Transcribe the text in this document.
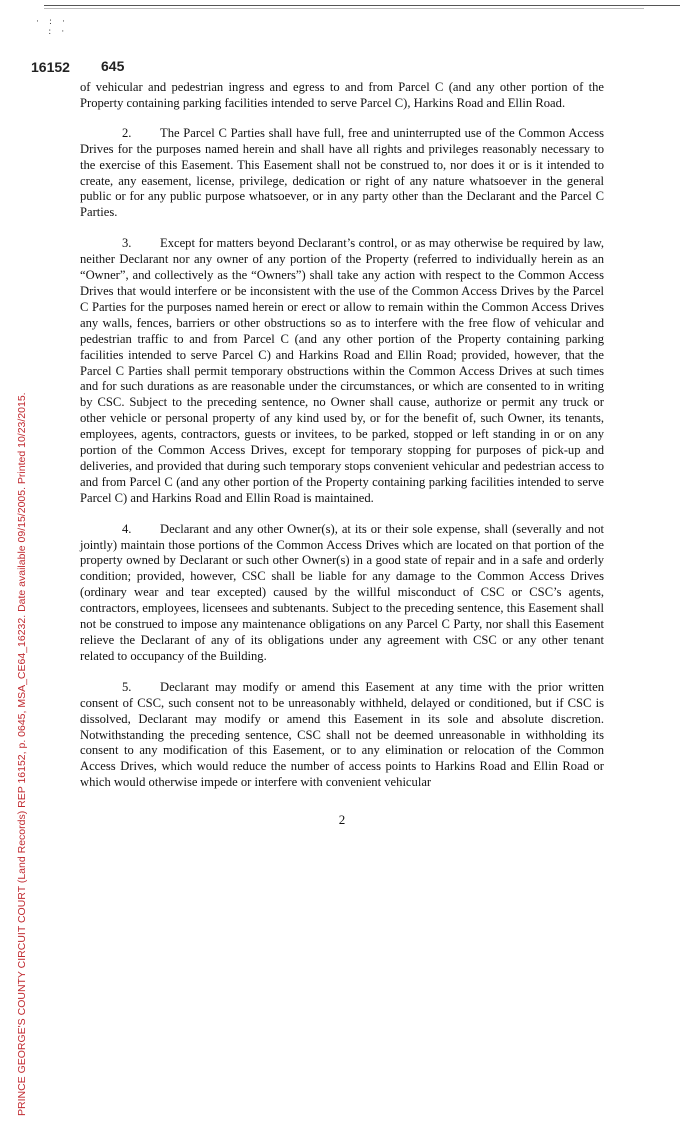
· : ·
: ·
16152 645

of vehicular and pedestrian ingress and egress to and from Parcel C (and any other portion of the Property containing parking facilities intended to serve Parcel C), Harkins Road and Ellin Road.

2. The Parcel C Parties shall have full, free and uninterrupted use of the Common Access Drives for the purposes named herein and shall have all rights and privileges reasonably necessary to the exercise of this Easement. This Easement shall not be construed to, nor does it or is it intended to create, any easement, license, privilege, dedication or right of any nature whatsoever in the general public or for any public purpose whatsoever, or in any party other than the Declarant and the Parcel C Parties.

3. Except for matters beyond Declarant’s control, or as may otherwise be required by law, neither Declarant nor any owner of any portion of the Property (referred to individually herein as an “Owner”, and collectively as the “Owners”) shall take any action with respect to the Common Access Drives that would interfere or be inconsistent with the use of the Common Access Drives by the Parcel C Parties for the purposes named herein or erect or allow to remain within the Common Access Drives any walls, fences, barriers or other obstructions so as to interfere with the free flow of vehicular and pedestrian traffic to and from Parcel C (and any other portion of the Property containing parking facilities intended to serve Parcel C) and Harkins Road and Ellin Road; provided, however, that the Parcel C Parties shall permit temporary obstructions within the Common Access Drives at such times and for such durations as are reasonable under the circumstances, or which are consented to in writing by CSC. Subject to the preceding sentence, no Owner shall cause, authorize or permit any truck or other vehicle or personal property of any kind used by, or for the benefit of, such Owner, its tenants, employees, agents, contractors, guests or invitees, to be parked, stopped or left standing in or on any portion of the Common Access Drives, except for temporary stopping for purposes of pick-up and deliveries, and provided that during such temporary stops convenient vehicular and pedestrian access to and from Parcel C (and any other portion of the Property containing parking facilities intended to serve Parcel C) and Harkins Road and Ellin Road is maintained.

4. Declarant and any other Owner(s), at its or their sole expense, shall (severally and not jointly) maintain those portions of the Common Access Drives which are located on that portion of the property owned by Declarant or such other Owner(s) in a good state of repair and in a safe and orderly condition; provided, however, CSC shall be liable for any damage to the Common Access Drives (ordinary wear and tear excepted) caused by the willful misconduct of CSC or CSC’s agents, contractors, employees, licensees and subtenants. Subject to the preceding sentence, this Easement shall not be construed to impose any maintenance obligations on any Parcel C Party, nor shall this Easement relieve the Declarant of any of its obligations under any agreement with CSC or any other tenant related to occupancy of the Building.

5. Declarant may modify or amend this Easement at any time with the prior written consent of CSC, such consent not to be unreasonably withheld, delayed or conditioned, but if CSC is dissolved, Declarant may modify or amend this Easement in its sole and absolute discretion. Notwithstanding the preceding sentence, CSC shall not be deemed unreasonable in withholding its consent to any modification of this Easement, or to any elimination or relocation of the Common Access Drives, which would reduce the number of access points to Harkins Road and Ellin Road or which would otherwise impede or interfere with convenient vehicular

2
PRINCE GEORGE'S COUNTY CIRCUIT COURT (Land Records) REP 16152, p. 0645, MSA_CE64_16232. Date available 09/15/2005. Printed 10/23/2015.
